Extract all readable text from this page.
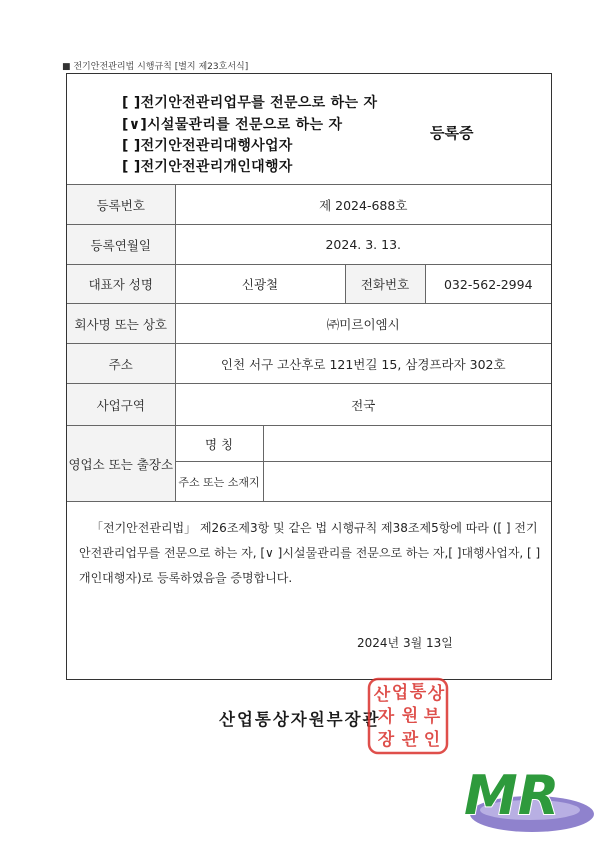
■ 전기안전관리법 시행규칙 [별지 제23호서식]
[ ]전기안전관리업무를 전문으로 하는 자
[∨]시설물관리를 전문으로 하는 자
[ ]전기안전관리대행사업자
[ ]전기안전관리개인대행자
등록증
등록번호	제 2024-688호			
등록연월일	2024. 3. 13.			
대표자 성명	신광철		전화번호	032-562-2994
회사명 또는 상호	㈜미르이엠시			
주소	인천 서구 고산후로 121번길 15, 삼경프라자 302호			
사업구역	전국			
영업소 또는 출장소	명 칭			
	주소 또는 소재지			
「전기안전관리법」 제26조제3항 및 같은 법 시행규칙 제38조제5항에 따라 ([ ] 전기안전관리업무를 전문으로 하는 자, [∨ ]시설물관리를 전문으로 하는 자,[ ]대행사업자, [ ]개인대행자)로 등록하였음을 증명합니다.
2024년 3월 13일
산업통상자원부장관
산 업 통 상
자 원 부
장 관 인
MR
